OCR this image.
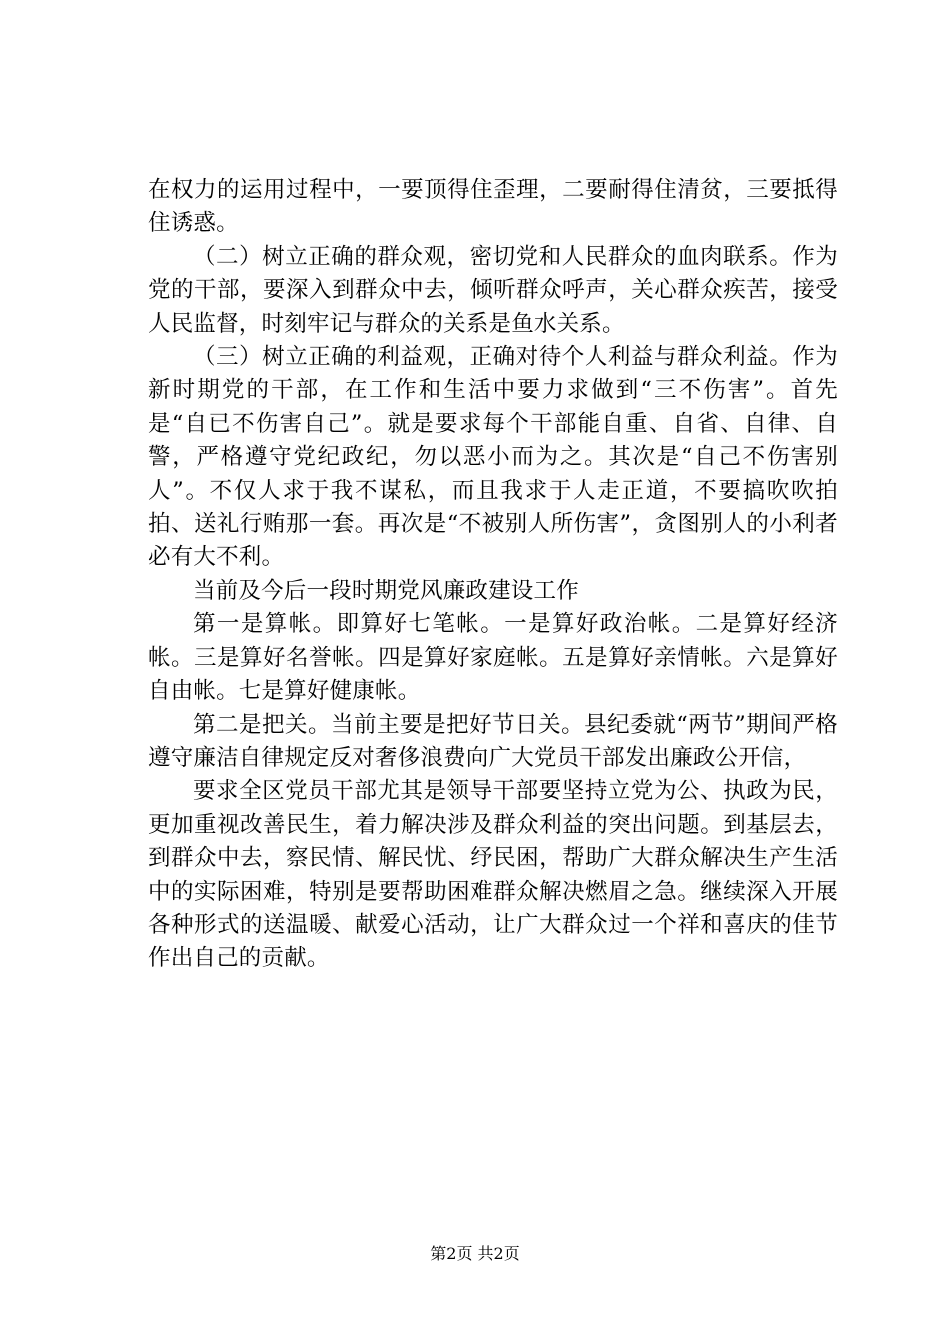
在权力的运用过程中，一要顶得住歪理，二要耐得住清贫，三要抵得住诱惑。

（二）树立正确的群众观，密切党和人民群众的血肉联系。作为党的干部，要深入到群众中去，倾听群众呼声，关心群众疾苦，接受人民监督，时刻牢记与群众的关系是鱼水关系。

（三）树立正确的利益观，正确对待个人利益与群众利益。作为新时期党的干部，在工作和生活中要力求做到“三不伤害”。首先是“自已不伤害自己”。就是要求每个干部能自重、自省、自律、自警，严格遵守党纪政纪，勿以恶小而为之。其次是“自己不伤害别人”。不仅人求于我不谋私，而且我求于人走正道，不要搞吹吹拍拍、送礼行贿那一套。再次是“不被别人所伤害”，贪图别人的小利者必有大不利。

当前及今后一段时期党风廉政建设工作

第一是算帐。即算好七笔帐。一是算好政治帐。二是算好经济帐。三是算好名誉帐。四是算好家庭帐。五是算好亲情帐。六是算好自由帐。七是算好健康帐。

第二是把关。当前主要是把好节日关。县纪委就“两节”期间严格遵守廉洁自律规定反对奢侈浪费向广大党员干部发出廉政公开信，

要求全区党员干部尤其是领导干部要坚持立党为公、执政为民，更加重视改善民生，着力解决涉及群众利益的突出问题。到基层去，到群众中去，察民情、解民忧、纾民困，帮助广大群众解决生产生活中的实际困难，特别是要帮助困难群众解决燃眉之急。继续深入开展各种形式的送温暖、献爱心活动，让广大群众过一个祥和喜庆的佳节作出自己的贡献。

第2页 共2页
